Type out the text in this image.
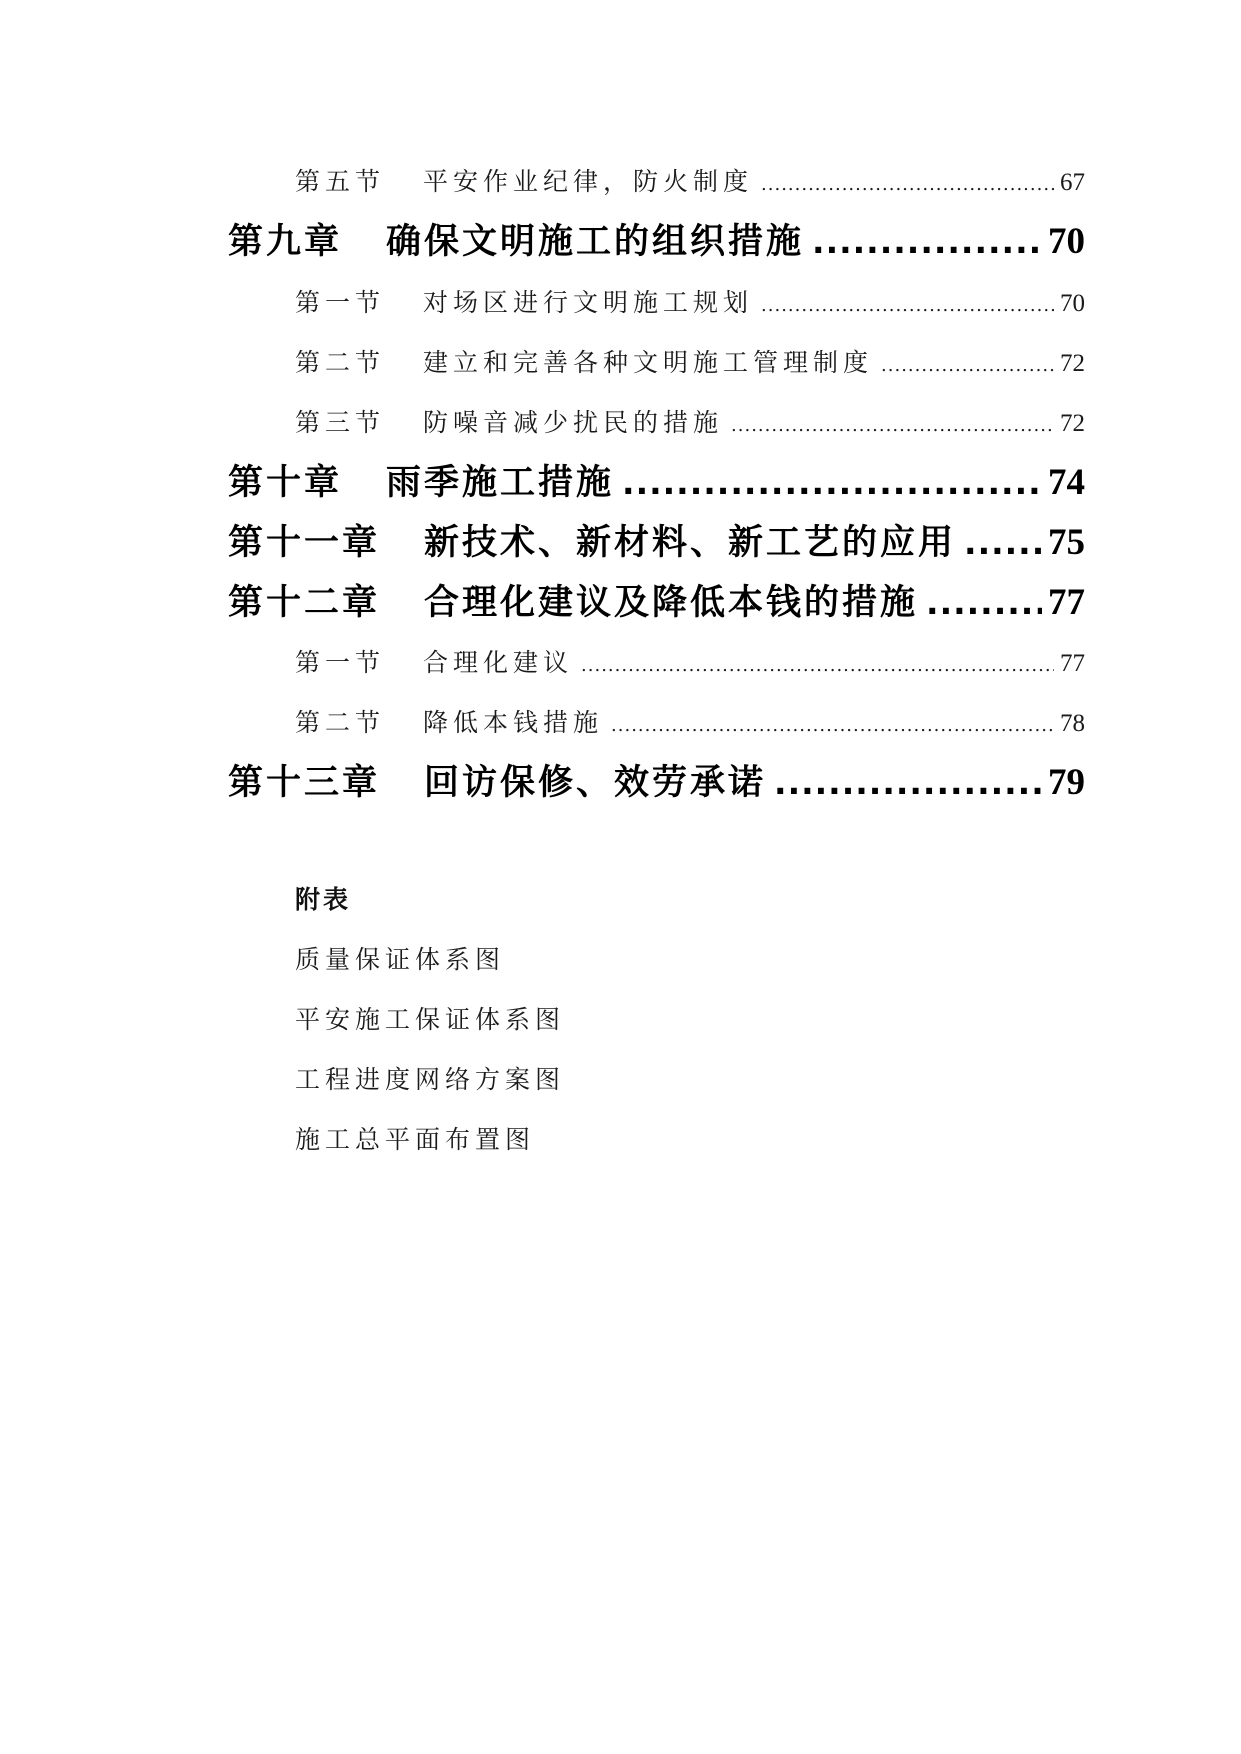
第五节 平安作业纪律，防火制度 .....	67
第九章 确保文明施工的组织措施 .....	70
第一节 对场区进行文明施工规划 .....	70
第二节 建立和完善各种文明施工管理制度 .....	72
第三节 防噪音减少扰民的措施 .....	72
第十章 雨季施工措施 .....	74
第十一章 新技术、新材料、新工艺的应用 ..... 75
第十二章 合理化建议及降低本钱的措施 .....	77
第一节 合理化建议 .....	77
第二节 降低本钱措施 .....	78
第十三章 回访保修、效劳承诺 .....	79
附表
质量保证体系图
平安施工保证体系图
工程进度网络方案图
施工总平面布置图
